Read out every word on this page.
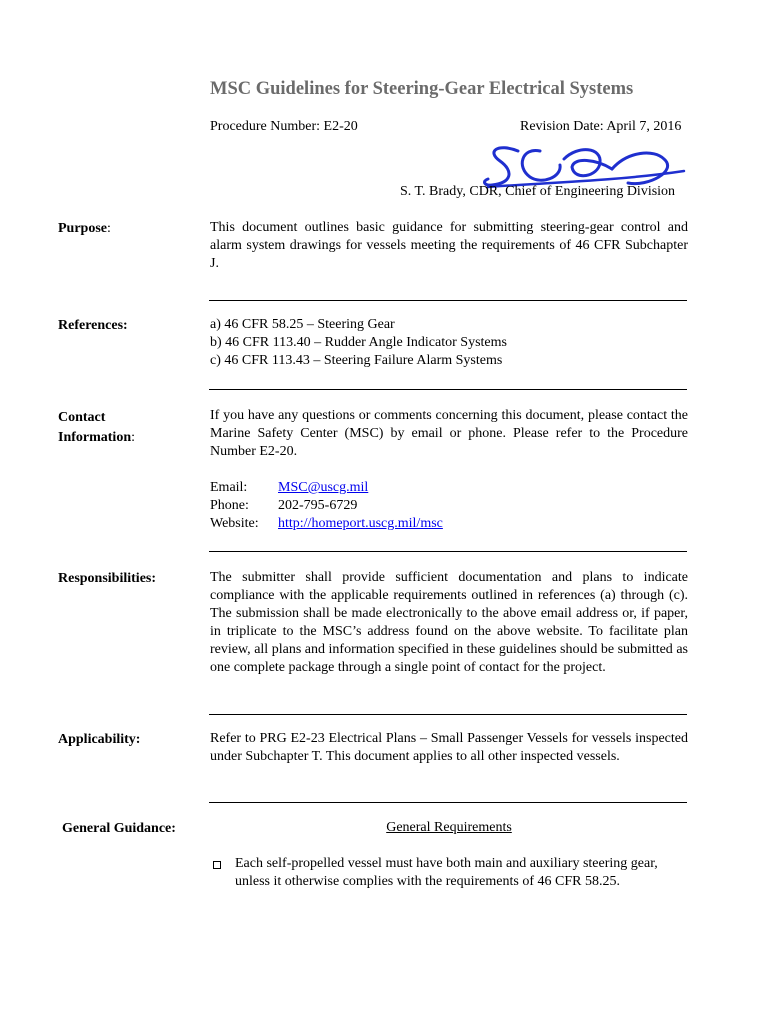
MSC Guidelines for Steering-Gear Electrical Systems
Procedure Number: E2-20	Revision Date: April 7, 2016
S. T. Brady, CDR, Chief of Engineering Division
Purpose:	This document outlines basic guidance for submitting steering-gear control and alarm system drawings for vessels meeting the requirements of 46 CFR Subchapter J.
References:	a) 46 CFR 58.25 – Steering Gear
b) 46 CFR 113.40 – Rudder Angle Indicator Systems
c) 46 CFR 113.43 – Steering Failure Alarm Systems
Contact
Information:
If you have any questions or comments concerning this document, please contact the Marine Safety Center (MSC) by email or phone. Please refer to the Procedure Number E2-20.
Email:	MSC@uscg.mil
Phone:	202-795-6729
Website:	http://homeport.uscg.mil/msc
Responsibilities:	The submitter shall provide sufficient documentation and plans to indicate compliance with the applicable requirements outlined in references (a) through (c). The submission shall be made electronically to the above email address or, if paper, in triplicate to the MSC’s address found on the above website. To facilitate plan review, all plans and information specified in these guidelines should be submitted as one complete package through a single point of contact for the project.
Applicability:	Refer to PRG E2-23 Electrical Plans – Small Passenger Vessels for vessels inspected under Subchapter T. This document applies to all other inspected vessels.
General Guidance:	General Requirements
Each self-propelled vessel must have both main and auxiliary steering gear, unless it otherwise complies with the requirements of 46 CFR 58.25.
